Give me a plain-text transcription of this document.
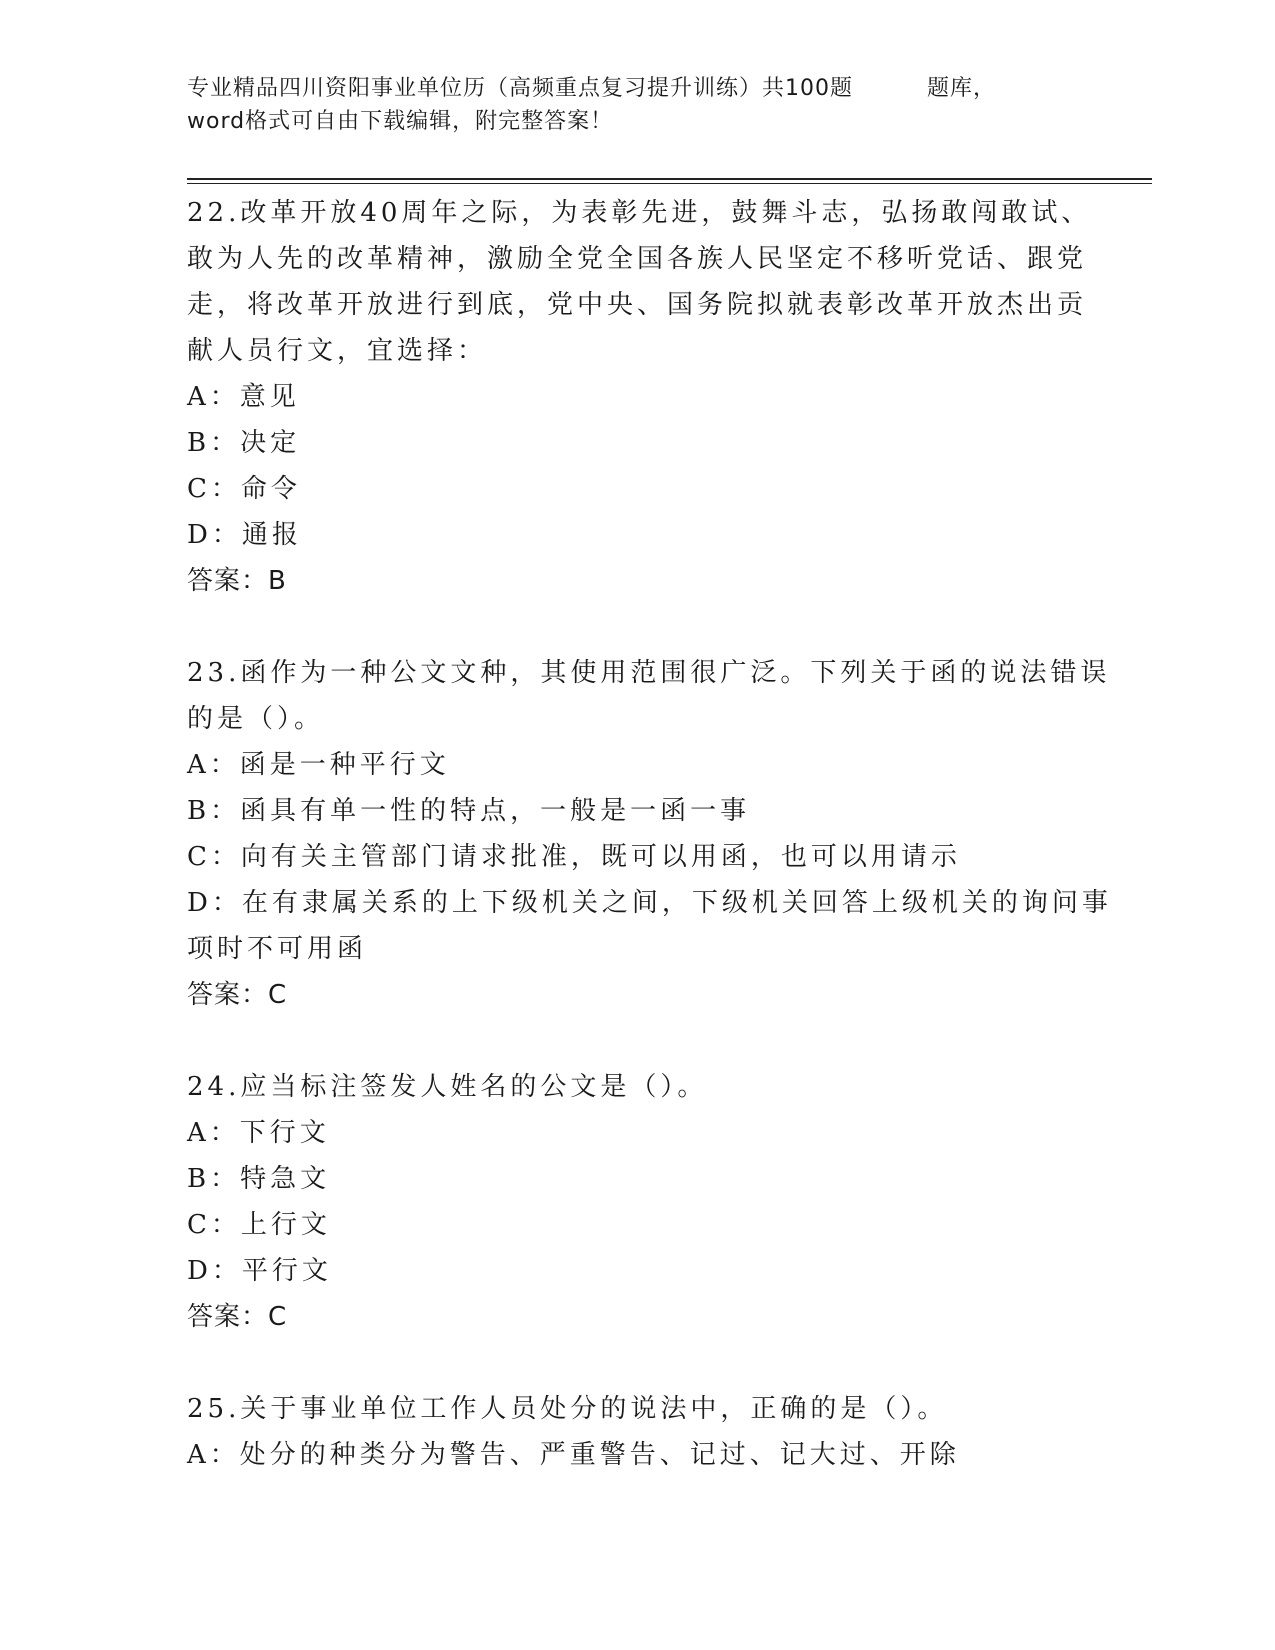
专业精品四川资阳事业单位历（高频重点复习提升训练）共100题	题库，
word格式可自由下载编辑，附完整答案！
22.改革开放40周年之际，为表彰先进，鼓舞斗志，弘扬敢闯敢试、
敢为人先的改革精神，激励全党全国各族人民坚定不移听党话、跟党
走，将改革开放进行到底，党中央、国务院拟就表彰改革开放杰出贡
献人员行文，宜选择：
A：意见
B：决定
C：命令
D：通报
答案：B
23.函作为一种公文文种，其使用范围很广泛。下列关于函的说法错误
的是（）。
A：函是一种平行文
B：函具有单一性的特点，一般是一函一事
C：向有关主管部门请求批准，既可以用函，也可以用请示
D：在有隶属关系的上下级机关之间，下级机关回答上级机关的询问事
项时不可用函
答案：C
24.应当标注签发人姓名的公文是（）。
A：下行文
B：特急文
C：上行文
D：平行文
答案：C
25.关于事业单位工作人员处分的说法中，正确的是（）。
A：处分的种类分为警告、严重警告、记过、记大过、开除
